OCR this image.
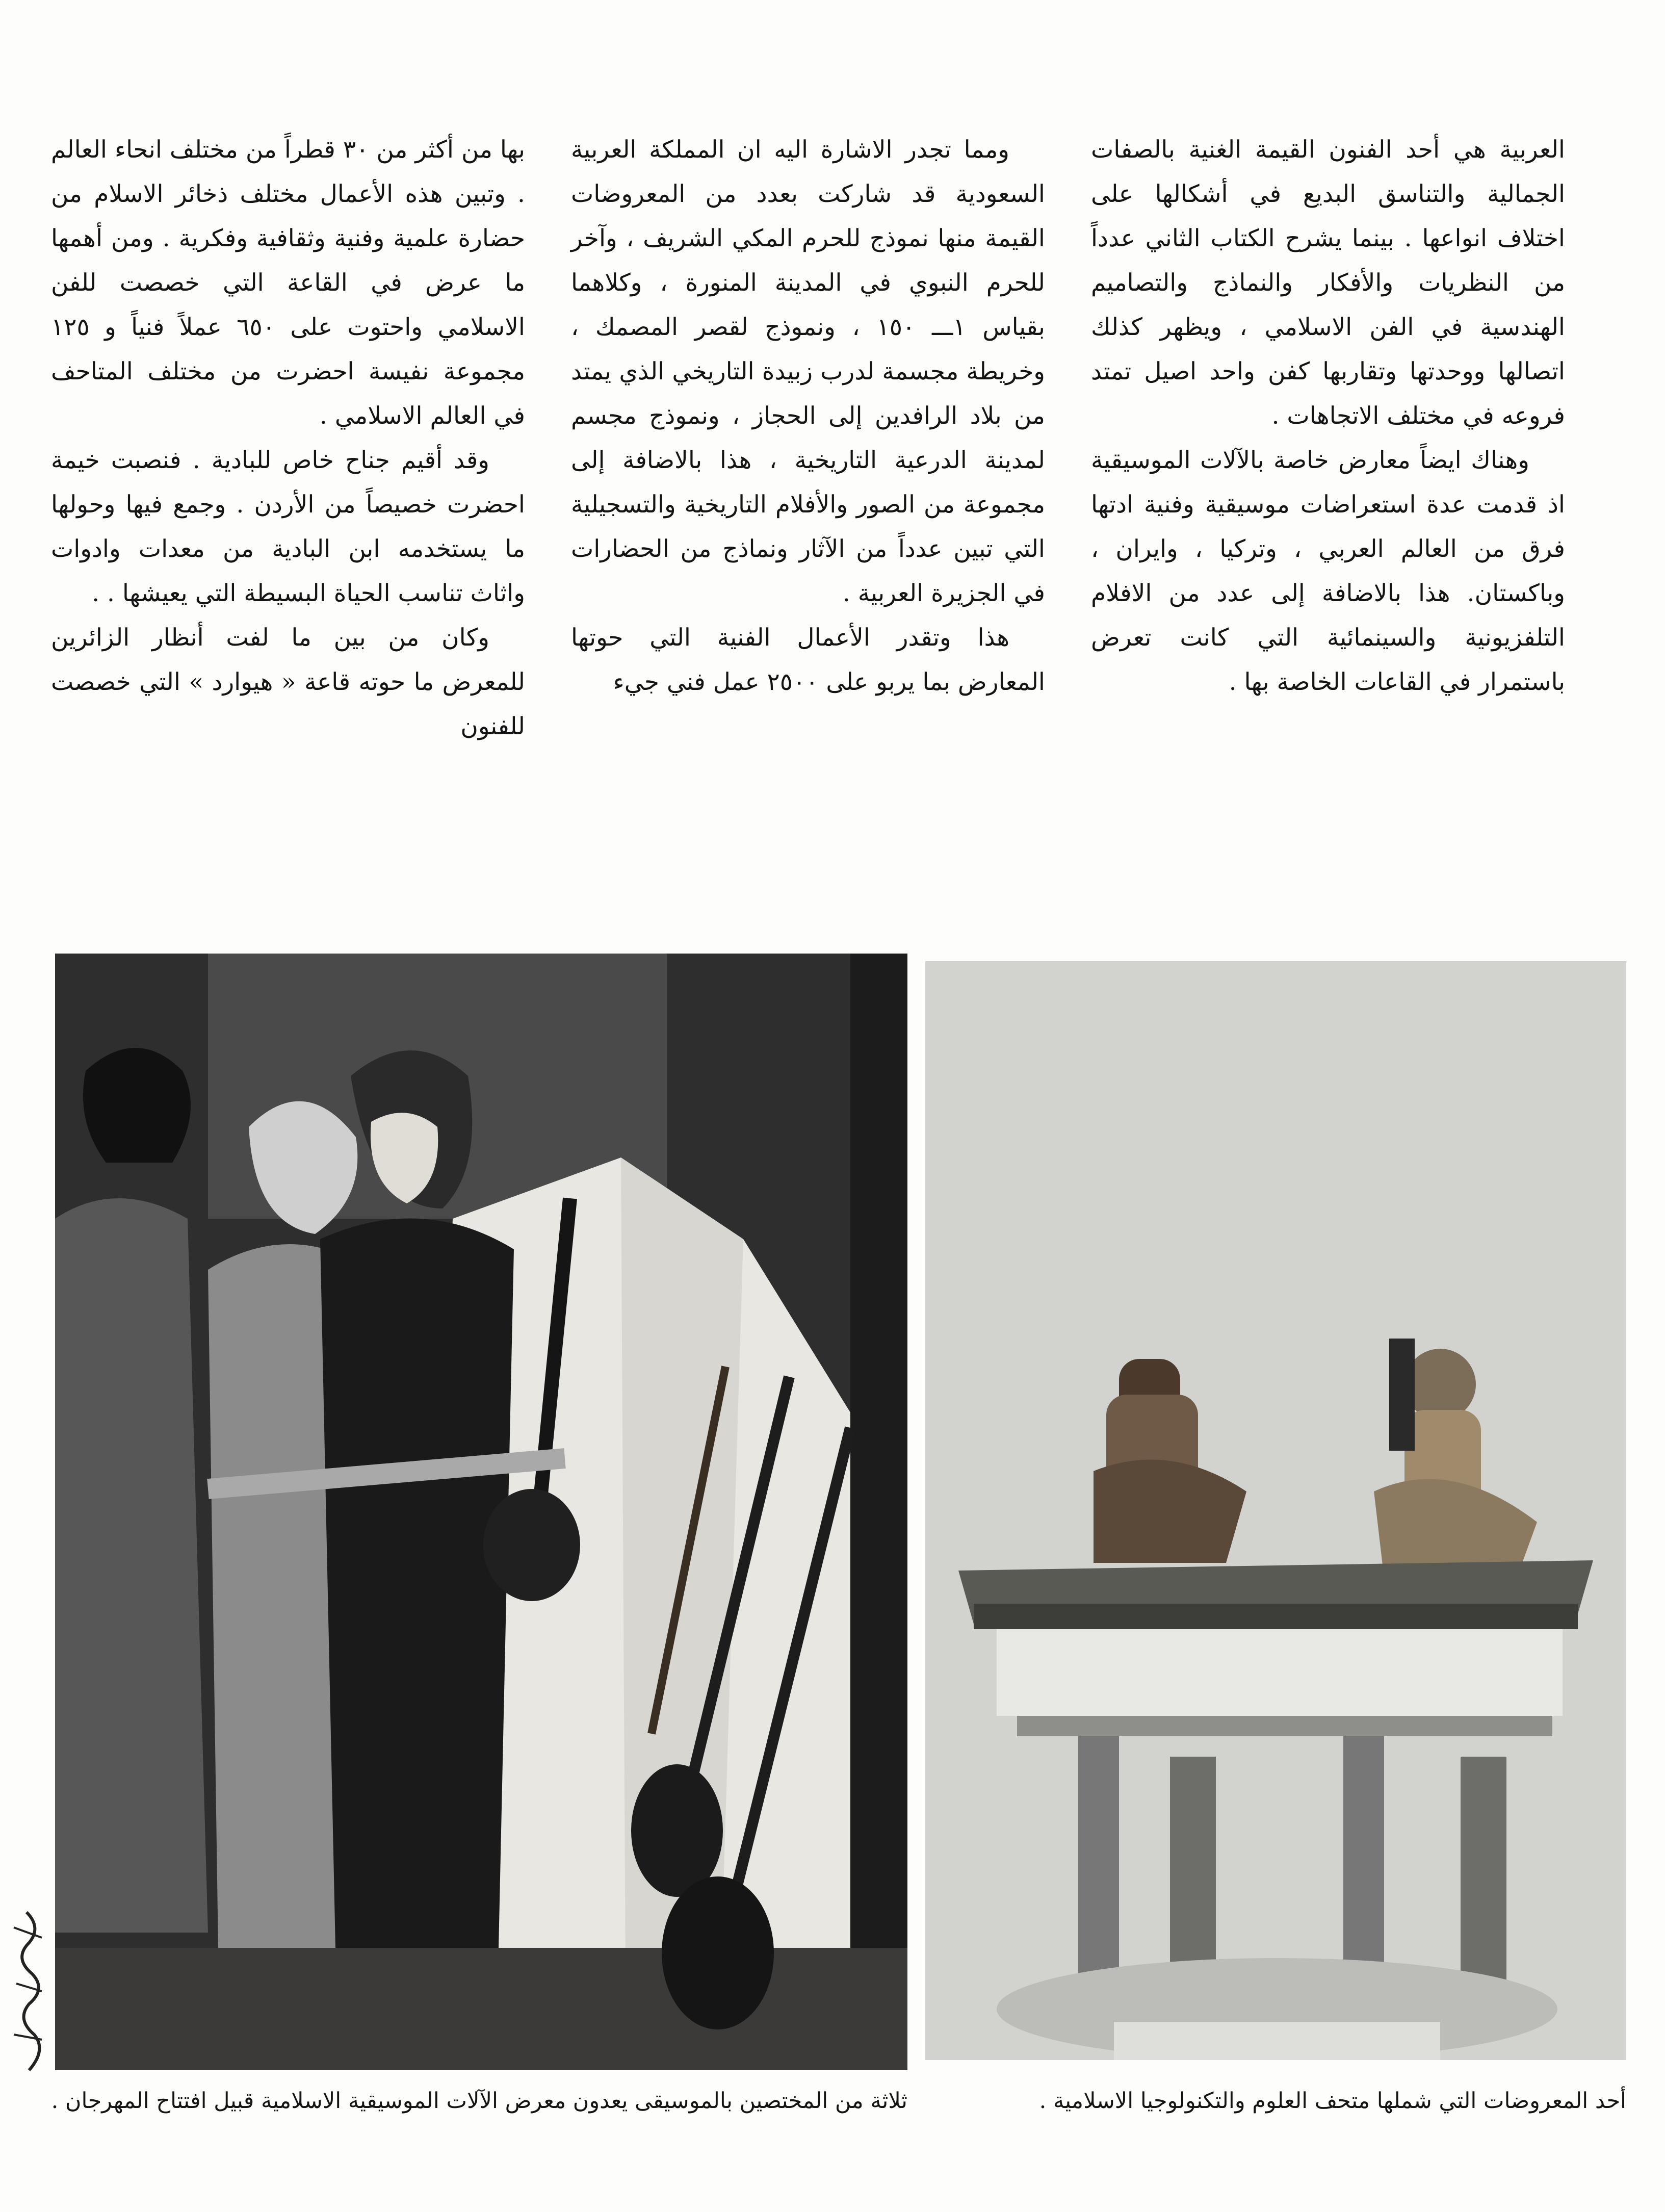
العربية هي أحد الفنون القيمة الغنية بالصفات الجمالية والتناسق البديع في أشكالها على اختلاف انواعها . بينما يشرح الكتاب الثاني عدداً من النظريات والأفكار والنماذج والتصاميم الهندسية في الفن الاسلامي ، ويظهر كذلك اتصالها ووحدتها وتقاربها كفن واحد اصيل تمتد فروعه في مختلف الاتجاهات .

وهناك ايضاً معارض خاصة بالآلات الموسيقية اذ قدمت عدة استعراضات موسيقية وفنية ادتها فرق من العالم العربي ، وتركيا ، وايران ، وباكستان. هذا بالاضافة إلى عدد من الافلام التلفزيونية والسينمائية التي كانت تعرض باستمرار في القاعات الخاصة بها .

ومما تجدر الاشارة اليه ان المملكة العربية السعودية قد شاركت بعدد من المعروضات القيمة منها نموذج للحرم المكي الشريف ، وآخر للحرم النبوي في المدينة المنورة ، وكلاهما بقياس ١ـــ ١٥٠ ، ونموذج لقصر المصمك ، وخريطة مجسمة لدرب زبيدة التاريخي الذي يمتد من بلاد الرافدين إلى الحجاز ، ونموذج مجسم لمدينة الدرعية التاريخية ، هذا بالاضافة إلى مجموعة من الصور والأفلام التاريخية والتسجيلية التي تبين عدداً من الآثار ونماذج من الحضارات في الجزيرة العربية .

هذا وتقدر الأعمال الفنية التي حوتها المعارض بما يربو على ٢٥٠٠ عمل فني جيء

بها من أكثر من ٣٠ قطراً من مختلف انحاء العالم . وتبين هذه الأعمال مختلف ذخائر الاسلام من حضارة علمية وفنية وثقافية وفكرية . ومن أهمها ما عرض في القاعة التي خصصت للفن الاسلامي واحتوت على ٦٥٠ عملاً فنياً و ١٢٥ مجموعة نفيسة احضرت من مختلف المتاحف في العالم الاسلامي .

وقد أقيم جناح خاص للبادية . فنصبت خيمة احضرت خصيصاً من الأردن . وجمع فيها وحولها ما يستخدمه ابن البادية من معدات وادوات واثاث تناسب الحياة البسيطة التي يعيشها . .

وكان من بين ما لفت أنظار الزائرين للمعرض ما حوته قاعة « هيوارد » التي خصصت للفنون

ثلاثة من المختصين بالموسيقى يعدون معرض الآلات الموسيقية الاسلامية قبيل افتتاح المهرجان .	أحد المعروضات التي شملها متحف العلوم والتكنولوجيا الاسلامية .
